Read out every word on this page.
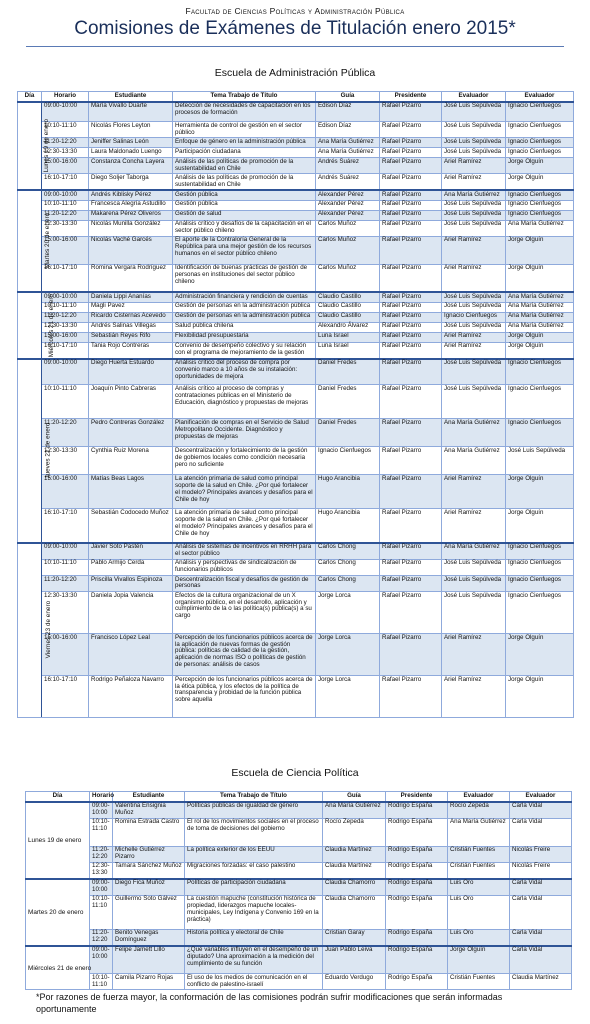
Facultad de Ciencias Políticas y Administración Pública
Comisiones de Exámenes de Titulación enero 2015*
Escuela de Administración Pública
Día	Horario	Estudiante	Tema Trabajo de Título	Guía	Presidente	Evaluador	Evaluador
Lunes 19 de enero	09:00-10:00	María Vivallo Duarte	Detección de necesidades de capacitación en los procesos de formación	Edison Díaz	Rafael Pizarro	José Luis Sepúlveda	Ignacio Cienfuegos
	10:10-11:10	Nicolás Flores Leyton	Herramienta de control de gestión en el sector público	Edison Díaz	Rafael Pizarro	José Luis Sepúlveda	Ignacio Cienfuegos
	11:20-12:20	Jeniffer Salinas León	Enfoque de género en la administración pública	Ana María Gutiérrez	Rafael Pizarro	José Luis Sepúlveda	Ignacio Cienfuegos
	12:30-13:30	Laura Maldonado Luengo	Participación ciudadana	Ana María Gutiérrez	Rafael Pizarro	José Luis Sepúlveda	Ignacio Cienfuegos
	15:00-16:00	Constanza Concha Layera	Análisis de las políticas de promoción de la sustentabilidad en Chile	Andrés Suárez	Rafael Pizarro	Ariel Ramírez	Jorge Olguín
	16:10-17:10	Diego Soljer Taborga	Análisis de las políticas de promoción de la sustentabilidad en Chile	Andrés Suárez	Rafael Pizarro	Ariel Ramírez	Jorge Olguín
Martes 20 de enero	09:00-10:00	Andrés Kiblisky Pérez	Gestión pública	Alexander Pérez	Rafael Pizarro	Ana María Gutiérrez	Ignacio Cienfuegos
	10:10-11:10	Francesca Alegría Astudillo	Gestión pública	Alexander Pérez	Rafael Pizarro	José Luis Sepúlveda	Ignacio Cienfuegos
	11:20-12:20	Makarena Pérez Oliveros	Gestión de salud	Alexander Pérez	Rafael Pizarro	José Luis Sepúlveda	Ignacio Cienfuegos
	12:30-13:30	Nicolás Munilla González	Análisis crítico y desafíos de la capacitación en el sector público chileno	Carlos Muñoz	Rafael Pizarro	José Luis Sepúlveda	Ana María Gutiérrez
	15:00-16:00	Nicolás Vaché Garcés	El aporte de la Contraloría General de la República para una mejor gestión de los recursos humanos en el sector público chileno	Carlos Muñoz	Rafael Pizarro	Ariel Ramírez	Jorge Olguín
	16:10-17:10	Romina Vergara Rodríguez	Identificación de buenas prácticas de gestión de personas en instituciones del sector público chileno	Carlos Muñoz	Rafael Pizarro	Ariel Ramírez	Jorge Olguín
Miércoles 21 de enero	09:00-10:00	Daniela Lippi Ananías	Administración financiera y rendición de cuentas	Claudio Castillo	Rafael Pizarro	José Luis Sepúlveda	Ana María Gutiérrez
	10:10-11:10	Magli Pavez	Gestión de personas en la administración pública	Claudio Castillo	Rafael Pizarro	José Luis Sepúlveda	Ana María Gutiérrez
	11:20-12:20	Ricardo Cisternas Acevedo	Gestión de personas en la administración pública	Claudio Castillo	Rafael Pizarro	Ignacio Cienfuegos	Ana María Gutiérrez
	12:30-13:30	Andrés Salinas Villegas	Salud pública chilena	Alexandro Álvarez	Rafael Pizarro	José Luis Sepúlveda	Ana María Gutiérrez
	15:00-16:00	Sebastián Reyes Rifo	Flexibilidad presupuestaria	Luna Israel	Rafael Pizarro	Ariel Ramírez	Jorge Olguín
	16:10-17:10	Tania Rojo Contreras	Convenio de desempeño colectivo y su relación con el programa de mejoramiento de la gestión	Luna Israel	Rafael Pizarro	Ariel Ramírez	Jorge Olguín
Jueves 22 de enero	09:00-10:00	Diego Huerta Estuardo	Análisis crítico del proceso de compra por convenio marco a 10 años de su instalación: oportunidades de mejora	Daniel Fredes	Rafael Pizarro	José Luis Sepúlveda	Ignacio Cienfuegos
	10:10-11:10	Joaquín Pinto Cabreras	Análisis crítico al proceso de compras y contrataciones públicas en el Ministerio de Educación, diagnóstico y propuestas de mejoras	Daniel Fredes	Rafael Pizarro	José Luis Sepúlveda	Ignacio Cienfuegos
	11:20-12:20	Pedro Contreras González	Planificación de compras en el Servicio de Salud Metropolitano Occidente. Diagnóstico y propuestas de mejoras	Daniel Fredes	Rafael Pizarro	Ana María Gutiérrez	Ignacio Cienfuegos
	12:30-13:30	Cynthia Ruiz Morena	Descentralización y fortalecimiento de la gestión de gobiernos locales como condición necesaria pero no suficiente	Ignacio Cienfuegos	Rafael Pizarro	Ana María Gutiérrez	José Luis Sepúlveda
	15:00-16:00	Matías Beas Lagos	La atención primaria de salud como principal soporte de la salud en Chile. ¿Por qué fortalecer el modelo? Principales avances y desafíos para el Chile de hoy	Hugo Arancibia	Rafael Pizarro	Ariel Ramírez	Jorge Olguín
	16:10-17:10	Sebastián Codocedo Muñoz	La atención primaria de salud como principal soporte de la salud en Chile. ¿Por qué fortalecer el modelo? Principales avances y desafíos para el Chile de hoy	Hugo Arancibia	Rafael Pizarro	Ariel Ramírez	Jorge Olguín
Viernes 23 de enero	09:00-10:00	Javier Soto Pastén	Análisis de sistemas de incentivos en RRHH para el sector público	Carlos Chong	Rafael Pizarro	Ana María Gutiérrez	Ignacio Cienfuegos
	10:10-11:10	Pablo Armijo Cerda	Análisis y perspectivas de sindicalización de funcionarios públicos	Carlos Chong	Rafael Pizarro	José Luis Sepúlveda	Ignacio Cienfuegos
	11:20-12:20	Priscilla Vivallos Espinoza	Descentralización fiscal y desafíos de gestión de personas	Carlos Chong	Rafael Pizarro	José Luis Sepúlveda	Ignacio Cienfuegos
	12:30-13:30	Daniela Jopia Valencia	Efectos de la cultura organizacional de un X organismo público, en el desarrollo, aplicación y cumplimiento de la o las política(s) pública(s) a su cargo	Jorge Lorca	Rafael Pizarro	José Luis Sepúlveda	Ignacio Cienfuegos
	15:00-16:00	Francisco López Leal	Percepción de los funcionarios públicos acerca de la aplicación de nuevas formas de gestión pública: políticas de calidad de la gestión, aplicación de normas ISO o políticas de gestión de personas: análisis de casos	Jorge Lorca	Rafael Pizarro	Ariel Ramírez	Jorge Olguín
	16:10-17:10	Rodrigo Peñaloza Navarro	Percepción de los funcionarios públicos acerca de la ética pública, y los efectos de la política de transparencia y probidad de la función pública sobre aquella	Jorge Lorca	Rafael Pizarro	Ariel Ramírez	Jorge Olguín
Escuela de Ciencia Política
Día	Horario	Estudiante	Tema Trabajo de Título	Guía	Presidente	Evaluador	Evaluador
Lunes 19 de enero	09:00-10:00	Valentina Ensignia Muñoz	Políticas públicas de igualdad de género	Ana María Gutiérrez	Rodrigo España	Rocío Zepeda	Carla Vidal
	10:10-11:10	Romina Estrada Castro	El rol de los movimientos sociales en el proceso de toma de decisiones del gobierno	Rocío Zepeda	Rodrigo España	Ana María Gutiérrez	Carla Vidal
	11:20-12:20	Michelle Gutiérrez Pizarro	La política exterior de los EEUU	Claudia Martínez	Rodrigo España	Cristián Fuentes	Nicolás Freire
	12:30-13:30	Tamara Sánchez Muñoz	Migraciones forzadas: el caso palestino	Claudia Martínez	Rodrigo España	Cristián Fuentes	Nicolás Freire
Martes 20 de enero	09:00-10:00	Diego Fica Muñoz	Políticas de participación ciudadana	Claudia Chamorro	Rodrigo España	Luis Oro	Carla Vidal
	10:10-11:10	Guillermo Soto Gálvez	La cuestión mapuche (constitución histórica de propiedad, liderazgos mapuche locales-municipales, Ley Indígena y Convenio 169 en la práctica)	Claudia Chamorro	Rodrigo España	Luis Oro	Carla Vidal
	11:20-12:20	Benito Venegas Domínguez	Historia política y electoral de Chile	Cristian Garay	Rodrigo España	Luis Oro	Carla Vidal
Miércoles 21 de enero	09:00-10:00	Felipe Jamett Lillo	¿Qué variables influyen en el desempeño de un diputado? Una aproximación a la medición del cumplimiento de su función	Juan Pablo Leiva	Rodrigo España	Jorge Olguín	Carla Vidal
	10:10-11:10	Camila Pizarro Rojas	El uso de los medios de comunicación en el conflicto de palestino-israelí	Eduardo Verdugo	Rodrigo España	Cristián Fuentes	Claudia Martínez
*Por razones de fuerza mayor, la conformación de las comisiones podrán sufrir modificaciones que serán informadas oportunamente
